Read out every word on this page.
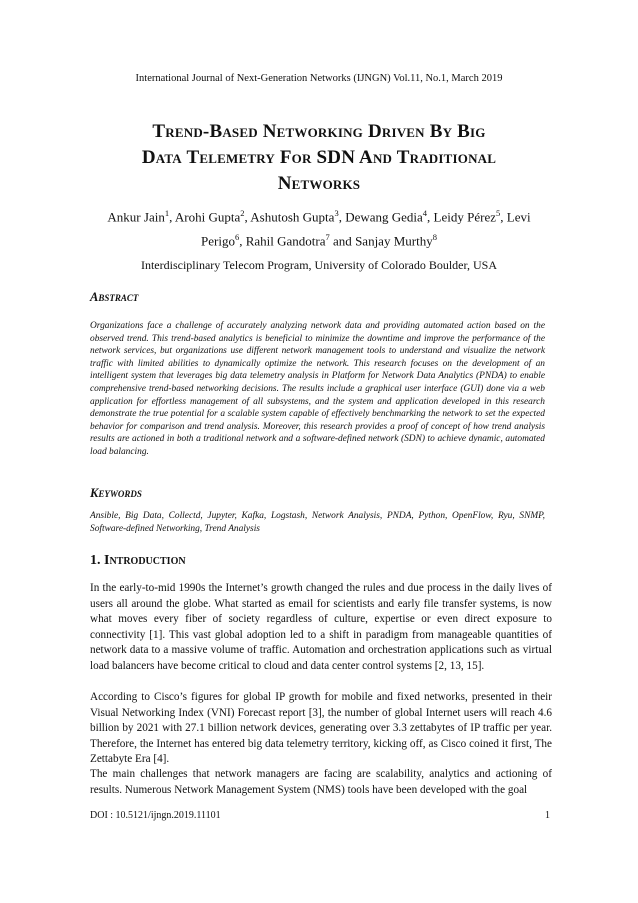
International Journal of Next-Generation Networks (IJNGN) Vol.11, No.1, March 2019
Trend-Based Networking Driven By Big
Data Telemetry For SDN And Traditional
Networks
Ankur Jain$^1$, Arohi Gupta$^2$, Ashutosh Gupta$^3$, Dewang Gedia$^4$, Leidy Pérez$^5$, Levi Perigo$^6$, Rahil Gandotra$^7$ and Sanjay Murthy$^8$
Interdisciplinary Telecom Program, University of Colorado Boulder, USA
Abstract
Organizations face a challenge of accurately analyzing network data and providing automated action based on the observed trend. This trend-based analytics is beneficial to minimize the downtime and improve the performance of the network services, but organizations use different network management tools to understand and visualize the network traffic with limited abilities to dynamically optimize the network. This research focuses on the development of an intelligent system that leverages big data telemetry analysis in Platform for Network Data Analytics (PNDA) to enable comprehensive trend-based networking decisions. The results include a graphical user interface (GUI) done via a web application for effortless management of all subsystems, and the system and application developed in this research demonstrate the true potential for a scalable system capable of effectively benchmarking the network to set the expected behavior for comparison and trend analysis. Moreover, this research provides a proof of concept of how trend analysis results are actioned in both a traditional network and a software-defined network (SDN) to achieve dynamic, automated load balancing.
Keywords
Ansible, Big Data, Collectd, Jupyter, Kafka, Logstash, Network Analysis, PNDA, Python, OpenFlow, Ryu, SNMP, Software-defined Networking, Trend Analysis
1. Introduction
In the early-to-mid 1990s the Internet’s growth changed the rules and due process in the daily lives of users all around the globe. What started as email for scientists and early file transfer systems, is now what moves every fiber of society regardless of culture, expertise or even direct exposure to connectivity [1]. This vast global adoption led to a shift in paradigm from manageable quantities of network data to a massive volume of traffic. Automation and orchestration applications such as virtual load balancers have become critical to cloud and data center control systems [2, 13, 15].
According to Cisco’s figures for global IP growth for mobile and fixed networks, presented in their Visual Networking Index (VNI) Forecast report [3], the number of global Internet users will reach 4.6 billion by 2021 with 27.1 billion network devices, generating over 3.3 zettabytes of IP traffic per year. Therefore, the Internet has entered big data telemetry territory, kicking off, as Cisco coined it first, The Zettabyte Era [4].
The main challenges that network managers are facing are scalability, analytics and actioning of results. Numerous Network Management System (NMS) tools have been developed with the goal
DOI : 10.5121/ijngn.2019.11101	1
